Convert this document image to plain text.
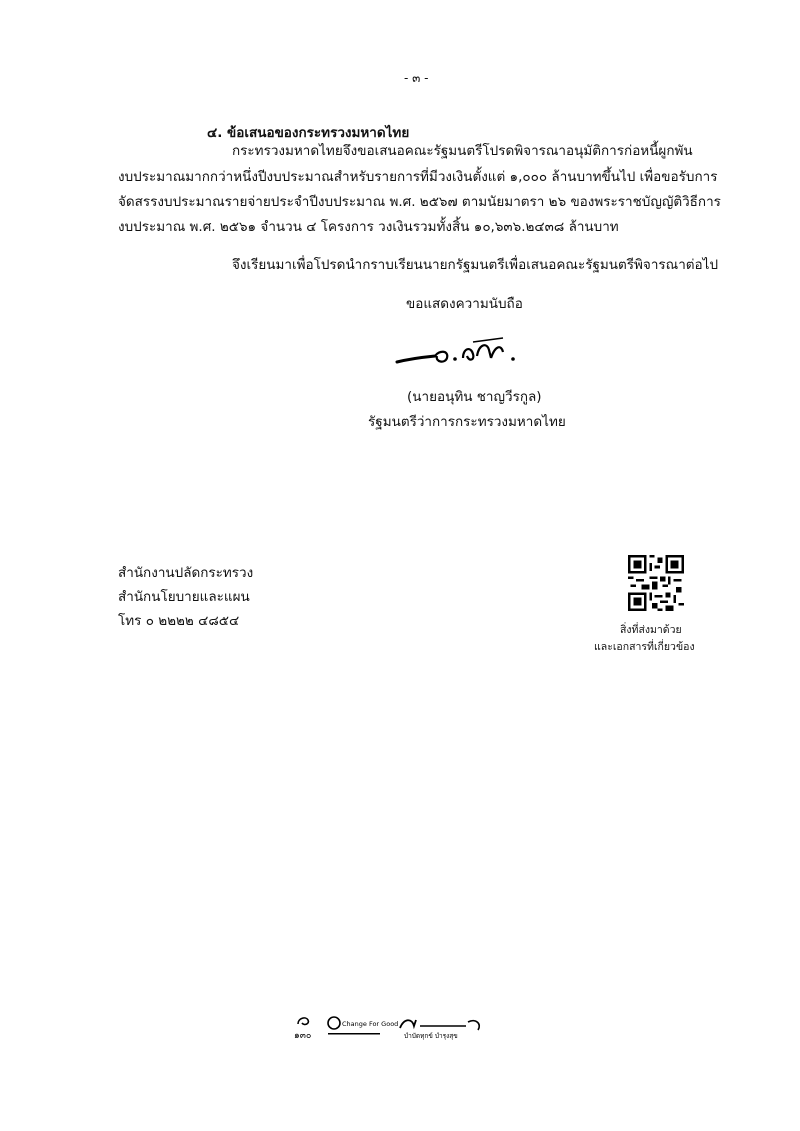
- ๓ -
๔. ข้อเสนอของกระทรวงมหาดไทย
กระทรวงมหาดไทยจึงขอเสนอคณะรัฐมนตรีโปรดพิจารณาอนุมัติการก่อหนี้ผูกพัน
งบประมาณมากกว่าหนึ่งปีงบประมาณสำหรับรายการที่มีวงเงินตั้งแต่ ๑,๐๐๐ ล้านบาทขึ้นไป เพื่อขอรับการ
จัดสรรงบประมาณรายจ่ายประจำปีงบประมาณ พ.ศ. ๒๕๖๗ ตามนัยมาตรา ๒๖ ของพระราชบัญญัติวิธีการ
งบประมาณ พ.ศ. ๒๕๖๑ จำนวน ๔ โครงการ วงเงินรวมทั้งสิ้น ๑๐,๖๓๖.๒๔๓๘ ล้านบาท
จึงเรียนมาเพื่อโปรดนำกราบเรียนนายกรัฐมนตรีเพื่อเสนอคณะรัฐมนตรีพิจารณาต่อไป
ขอแสดงความนับถือ
(นายอนุทิน ชาญวีรกูล)
รัฐมนตรีว่าการกระทรวงมหาดไทย
สำนักงานปลัดกระทรวง
สำนักนโยบายและแผน
โทร ๐ ๒๒๒๒ ๔๘๕๔
สิ่งที่ส่งมาด้วย
และเอกสารที่เกี่ยวข้อง
๑๓๐
Change For Good
บำบัดทุกข์ บำรุงสุข
